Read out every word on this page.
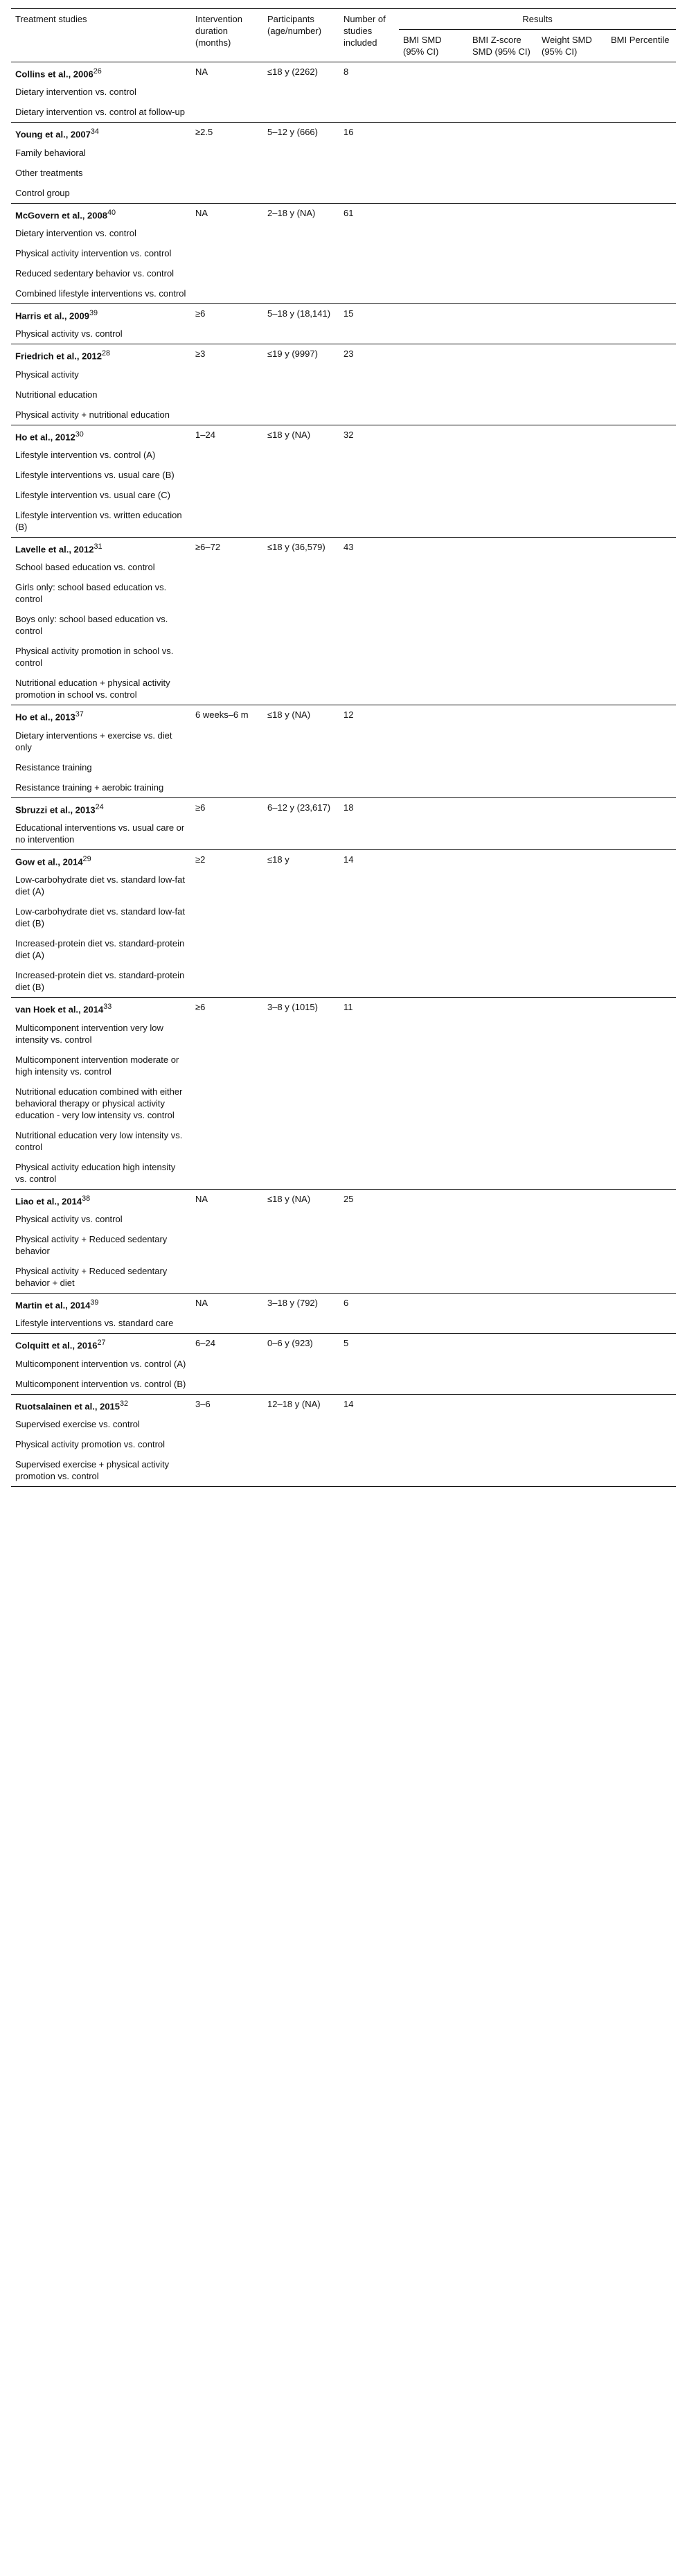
Treatment studies	Intervention duration (months)	Participants (age/number)	Number of studies included	Results			
				BMI SMD (95% CI)	BMI Z-score SMD (95% CI)	Weight SMD (95% CI)	BMI Percentile
Collins et al., 2006$^{26}$	NA	≤18 y (2262)	8				
Dietary intervention vs. control							
Dietary intervention vs. control at follow-up							
Young et al., $2007^{34}$	≥2.5	5–12 y (666)	16				
Family behavioral							
Other treatments							
Control group							
McGovern et al., 2008$^{40}$	NA	2–18 y (NA)	61				
Dietary intervention vs. control							
Physical activity intervention vs. control							
Reduced sedentary behavior vs. control							
Combined lifestyle interventions vs. control							
Harris et al., $2009^{39}$	≥6	5–18 y (18,141)	15				
Physical activity vs. control							
Friedrich et al., $2012^{28}$	≥3	≤19 y (9997)	23				
Physical activity							
Nutritional education							
Physical activity + nutritional education							
Ho et al., 2012$^{30}$	1–24	≤18 y (NA)	32				
Lifestyle intervention vs. control (A)							
Lifestyle interventions vs. usual care (B)							
Lifestyle intervention vs. usual care (C)							
Lifestyle intervention vs. written education (B)							
Lavelle et al., $2012^{31}$	≥6–72	≤18 y (36,579)	43				
School based education vs. control							
Girls only: school based education vs. control							
Boys only: school based education vs. control							
Physical activity promotion in school vs. control							
Nutritional education + physical activity promotion in school vs. control							
Ho et al., 2013$^{37}$	6 weeks–6 m	≤18 y (NA)	12				
Dietary interventions + exercise vs. diet only							
Resistance training							
Resistance training + aerobic training							
Sbruzzi et al., $2013^{24}$	≥6	6–12 y (23,617)	18				
Educational interventions vs. usual care or no intervention							
Gow et al., $2014^{29}$	≥2	≤18 y	14				
Low-carbohydrate diet vs. standard low-fat diet (A)							
Low-carbohydrate diet vs. standard low-fat diet (B)							
Increased-protein diet vs. standard-protein diet (A)							
Increased-protein diet vs. standard-protein diet (B)							
van Hoek et al., $2014^{33}$	≥6	3–8 y (1015)	11				
Multicomponent intervention very low intensity vs. control							
Multicomponent intervention moderate or high intensity vs. control							
Nutritional education combined with either behavioral therapy or physical activity education - very low intensity vs. control							
Nutritional education very low intensity vs. control							
Physical activity education high intensity vs. control							
Liao et al., 2014$^{38}$	NA	≤18 y (NA)	25				
Physical activity vs. control							
Physical activity + Reduced sedentary behavior							
Physical activity + Reduced sedentary behavior + diet							
Martin et al., 2014$^{39}$	NA	3–18 y (792)	6				
Lifestyle interventions vs. standard care							
Colquitt et al., 2016$^{27}$	6–24	0–6 y (923)	5				
Multicomponent intervention vs. control (A)							
Multicomponent intervention vs. control (B)							
Ruotsalainen et al., 2015$^{32}$	3–6	12–18 y (NA)	14				
Supervised exercise vs. control							
Physical activity promotion vs. control							
Supervised exercise + physical activity promotion vs. control							
